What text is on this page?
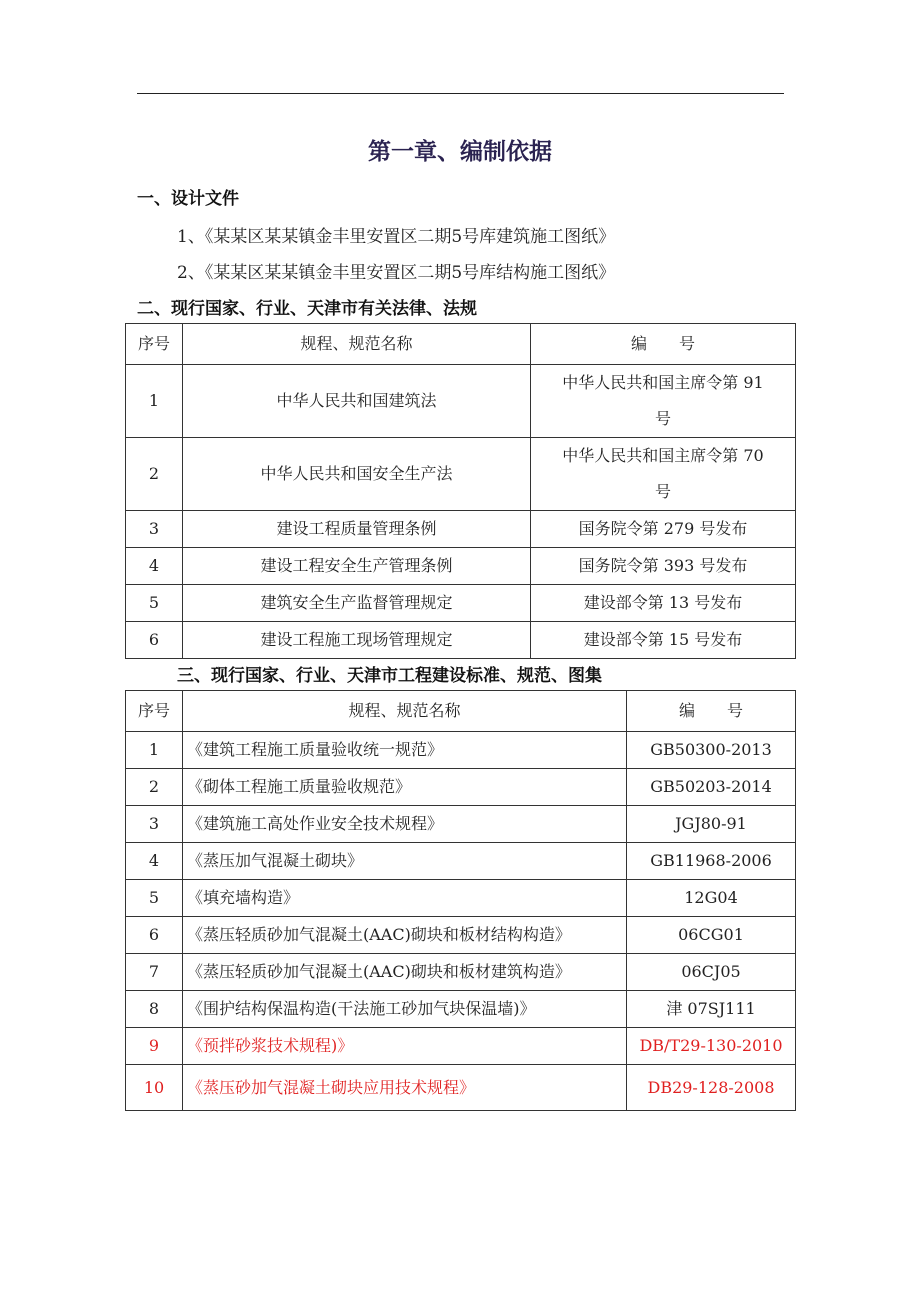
第一章、编制依据
一、设计文件
1、《某某区某某镇金丰里安置区二期5号库建筑施工图纸》
2、《某某区某某镇金丰里安置区二期5号库结构施工图纸》
二、现行国家、行业、天津市有关法律、法规
序号	规程、规范名称	编　　号
1	中华人民共和国建筑法	中华人民共和国主席令第 91
号

2	中华人民共和国安全生产法	中华人民共和国主席令第 70
号

3	建设工程质量管理条例	国务院令第 279 号发布
4	建设工程安全生产管理条例	国务院令第 393 号发布
5	建筑安全生产监督管理规定	建设部令第 13 号发布
6	建设工程施工现场管理规定	建设部令第 15 号发布
三、现行国家、行业、天津市工程建设标准、规范、图集
序号	规程、规范名称	编　　号
1	《建筑工程施工质量验收统一规范》	GB50300-2013
2	《砌体工程施工质量验收规范》	GB50203-2014
3	《建筑施工高处作业安全技术规程》	JGJ80-91
4	《蒸压加气混凝土砌块》	GB11968-2006
5	《填充墙构造》	12G04
6	《蒸压轻质砂加气混凝土(AAC)砌块和板材结构构造》	06CG01
7	《蒸压轻质砂加气混凝土(AAC)砌块和板材建筑构造》	06CJ05
8	《围护结构保温构造(干法施工砂加气块保温墙)》	津 07SJ111
9	《预拌砂浆技术规程)》	DB/T29-130-2010
10	《蒸压砂加气混凝土砌块应用技术规程》	DB29-128-2008
